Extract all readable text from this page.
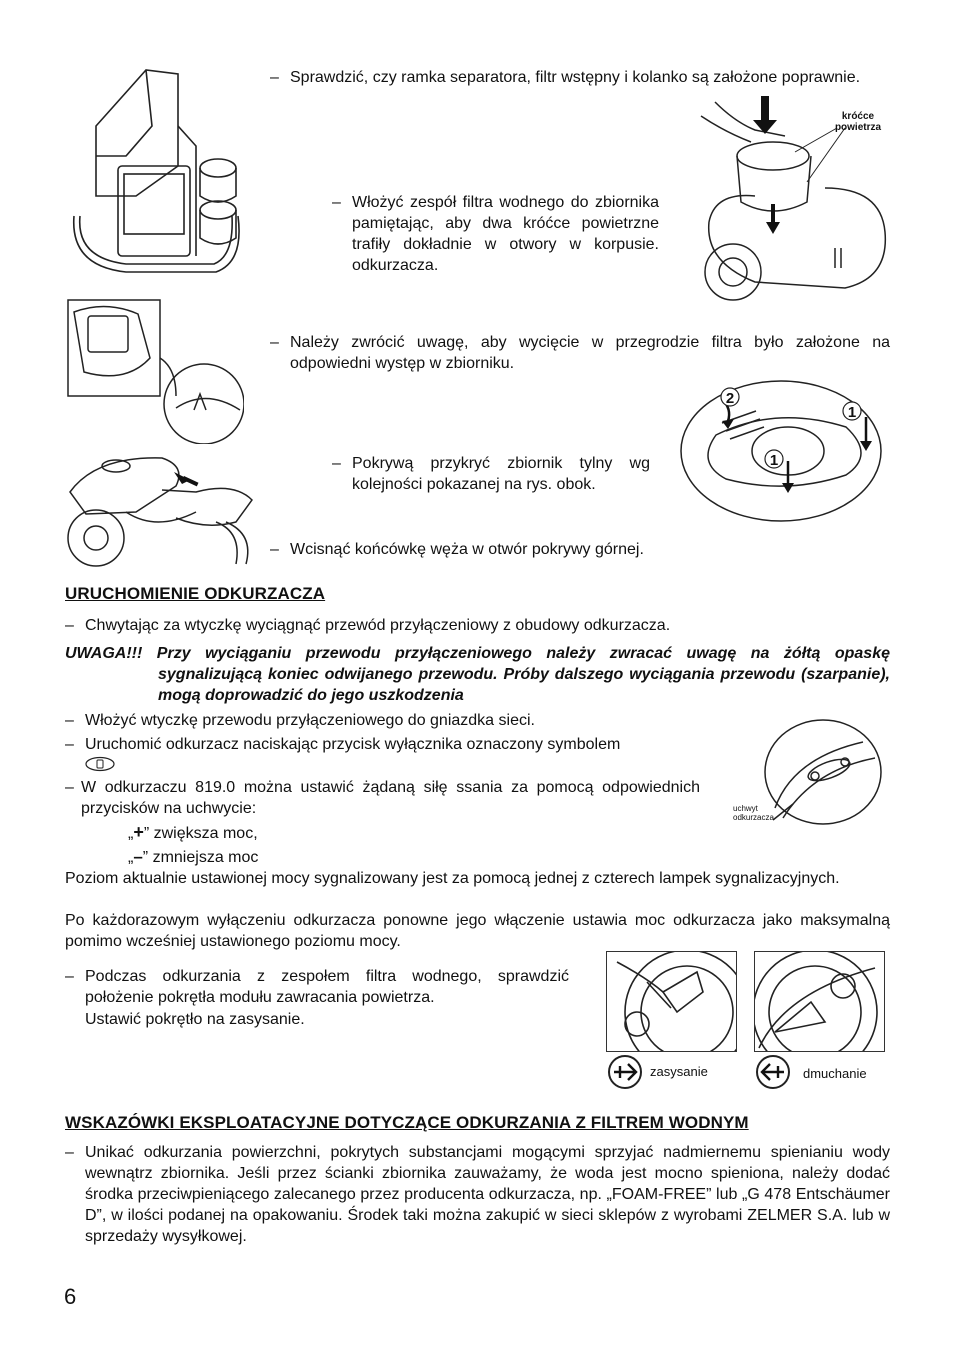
króćce powietrza
2
1
1
uchwyt odkurzacza
zasysanie	dmuchanie
– Sprawdzić, czy ramka separatora, filtr wstępny i kolanko są założone poprawnie.
– Włożyć zespół filtra wodnego do zbiornika pamiętając, aby dwa króćce powietrzne trafiły dokładnie w otwory w korpusie. odkurzacza.
– Należy zwrócić uwagę, aby wycięcie w przegrodzie filtra było założone na odpowiedni występ w zbiorniku.
– Pokrywą przykryć zbiornik tylny wg kolejności pokazanej na rys. obok.
– Wcisnąć końcówkę węża w otwór pokrywy górnej.
URUCHOMIENIE ODKURZACZA
– Chwytając za wtyczkę wyciągnąć przewód przyłączeniowy z obudowy odkurzacza.
UWAGA!!! Przy wyciąganiu przewodu przyłączeniowego należy zwracać uwagę na żółtą opaskę
sygnalizującą koniec odwijanego przewodu. Próby dalszego wyciągania przewodu (szarpanie), mogą doprowadzić do jego uszkodzenia
– Włożyć wtyczkę przewodu przyłączeniowego do gniazdka sieci.
– Uruchomić odkurzacz naciskając przycisk wyłącznika oznaczony symbolem
– W odkurzaczu 819.0 można ustawić żądaną siłę ssania za pomocą odpowiednich przycisków na uchwycie:
„+” zwiększa moc,
„–” zmniejsza moc
Poziom aktualnie ustawionej mocy sygnalizowany jest za pomocą jednej z czterech lampek sygnalizacyjnych.
Po każdorazowym wyłączeniu odkurzacza ponowne jego włączenie ustawia moc odkurzacza jako maksymalną pomimo wcześniej ustawionego poziomu mocy.
– Podczas odkurzania z zespołem filtra wodnego, sprawdzić położenie pokrętła modułu zawracania powietrza.
Ustawić pokrętło na zasysanie.
WSKAZÓWKI EKSPLOATACYJNE DOTYCZĄCE ODKURZANIA Z FILTREM WODNYM
– Unikać odkurzania powierzchni, pokrytych substancjami mogącymi sprzyjać nadmiernemu spienianiu wody wewnątrz zbiornika. Jeśli przez ścianki zbiornika zauważamy, że woda jest mocno spieniona, należy dodać środka przeciwpieniącego zalecanego przez producenta odkurzacza, np. „FOAM-FREE” lub „G 478 Entschäumer D”, w ilości podanej na opakowaniu. Środek taki można zakupić w sieci sklepów z wyrobami ZELMER S.A. lub w sprzedaży wysyłkowej.
6
